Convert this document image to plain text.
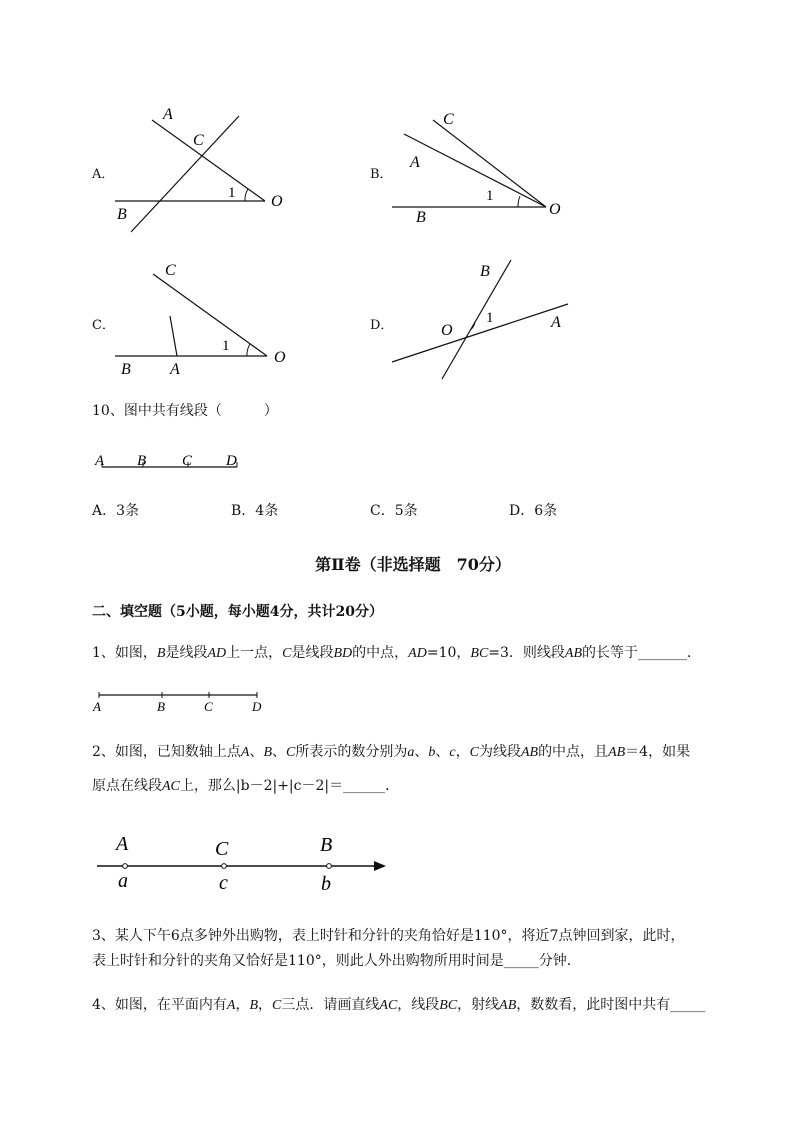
A．
A
C
1 O
B
B．
C
A
1
O
B
C．
C
1
O
B A
D．
B
1	A
O
10、图中共有线段（　　　）
A B C D
A．3条	B．4条	C．5条	D．6条
第Ⅱ卷（非选择题　70分）
二、填空题（5小题，每小题4分，共计20分）
1、如图，B是线段AD上一点，C是线段BD的中点，AD=10，BC=3．则线段AB的长等于_______．
A	B	C	D
2、如图，已知数轴上点A、B、C所表示的数分别为a、b、c，C为线段AB的中点，且AB＝4，如果
原点在线段AC上，那么|b－2|+|c－2|＝______．
A	C	B
a	c	b
3、某人下午6点多钟外出购物，表上时针和分针的夹角恰好是110°，将近7点钟回到家，此时，
表上时针和分针的夹角又恰好是110°，则此人外出购物所用时间是_____分钟.
4、如图，在平面内有A，B，C三点．请画直线AC，线段BC，射线AB，数数看，此时图中共有_____
